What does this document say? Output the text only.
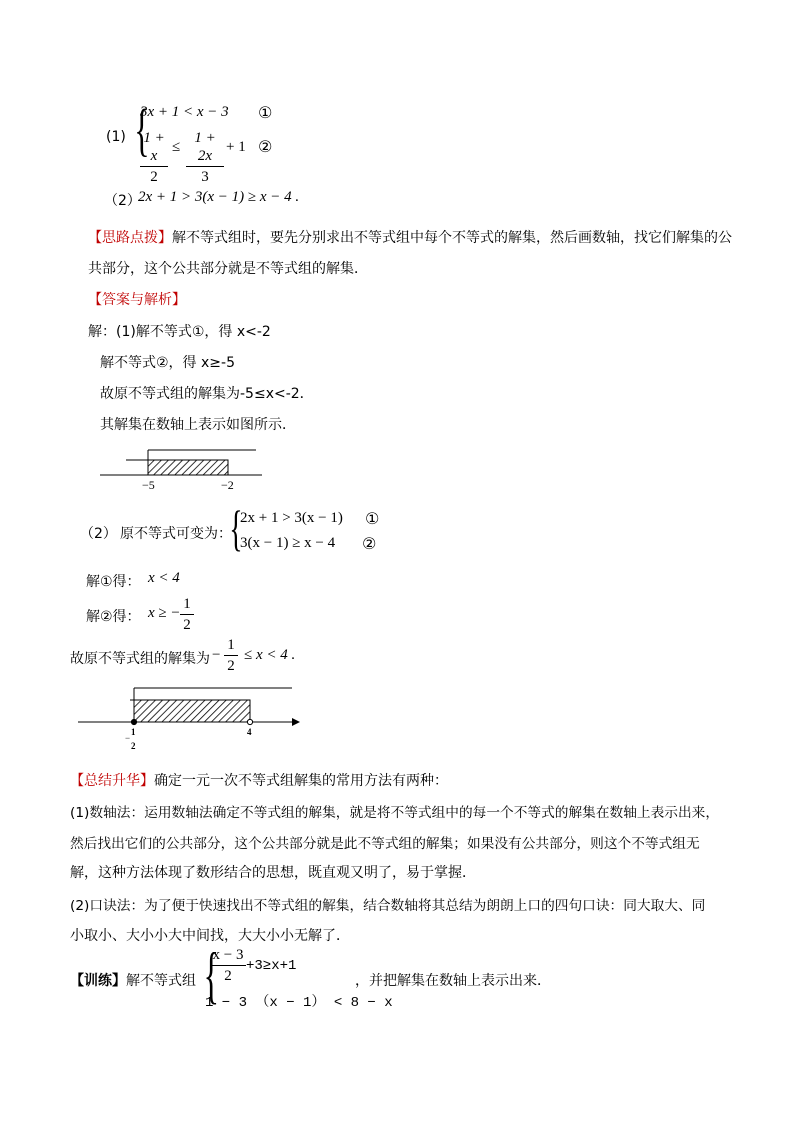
(1) {
3x + 1 < x − 3 ①
1 + x
2
≤
1 + 2x
3
+ 1 ②
（2）
2x + 1 > 3(x − 1) ≥ x − 4 .
【思路点拨】解不等式组时，要先分别求出不等式组中每个不等式的解集，然后画数轴，找它们解集的公
共部分，这个公共部分就是不等式组的解集．
【答案与解析】
解：(1)解不等式①，得 x<-2
解不等式②，得 x≥-5
故原不等式组的解集为-5≤x<-2．
其解集在数轴上表示如图所示．
−5	−2
（2） 原不等式可变为：
{
2x + 1 > 3(x − 1) ①
3(x − 1) ≥ x − 4 ②
解①得： x < 4
解②得： x ≥ −
1
2
故原不等式组的解集为 −
1
2
≤ x < 4 .
1
−
2
4
【总结升华】确定一元一次不等式组解集的常用方法有两种：
(1)数轴法：运用数轴法确定不等式组的解集，就是将不等式组中的每一个不等式的解集在数轴上表示出来，
然后找出它们的公共部分，这个公共部分就是此不等式组的解集；如果没有公共部分，则这个不等式组无
解，这种方法体现了数形结合的思想，既直观又明了，易于掌握．
(2)口诀法：为了便于快速找出不等式组的解集，结合数轴将其总结为朗朗上口的四句口诀：同大取大、同
小取小、大小小大中间找，大大小小无解了．
【训练】解不等式组 {
x − 3
2
+3≥x+1
1 − 3 （x − 1） < 8 − x
，并把解集在数轴上表示出来．
